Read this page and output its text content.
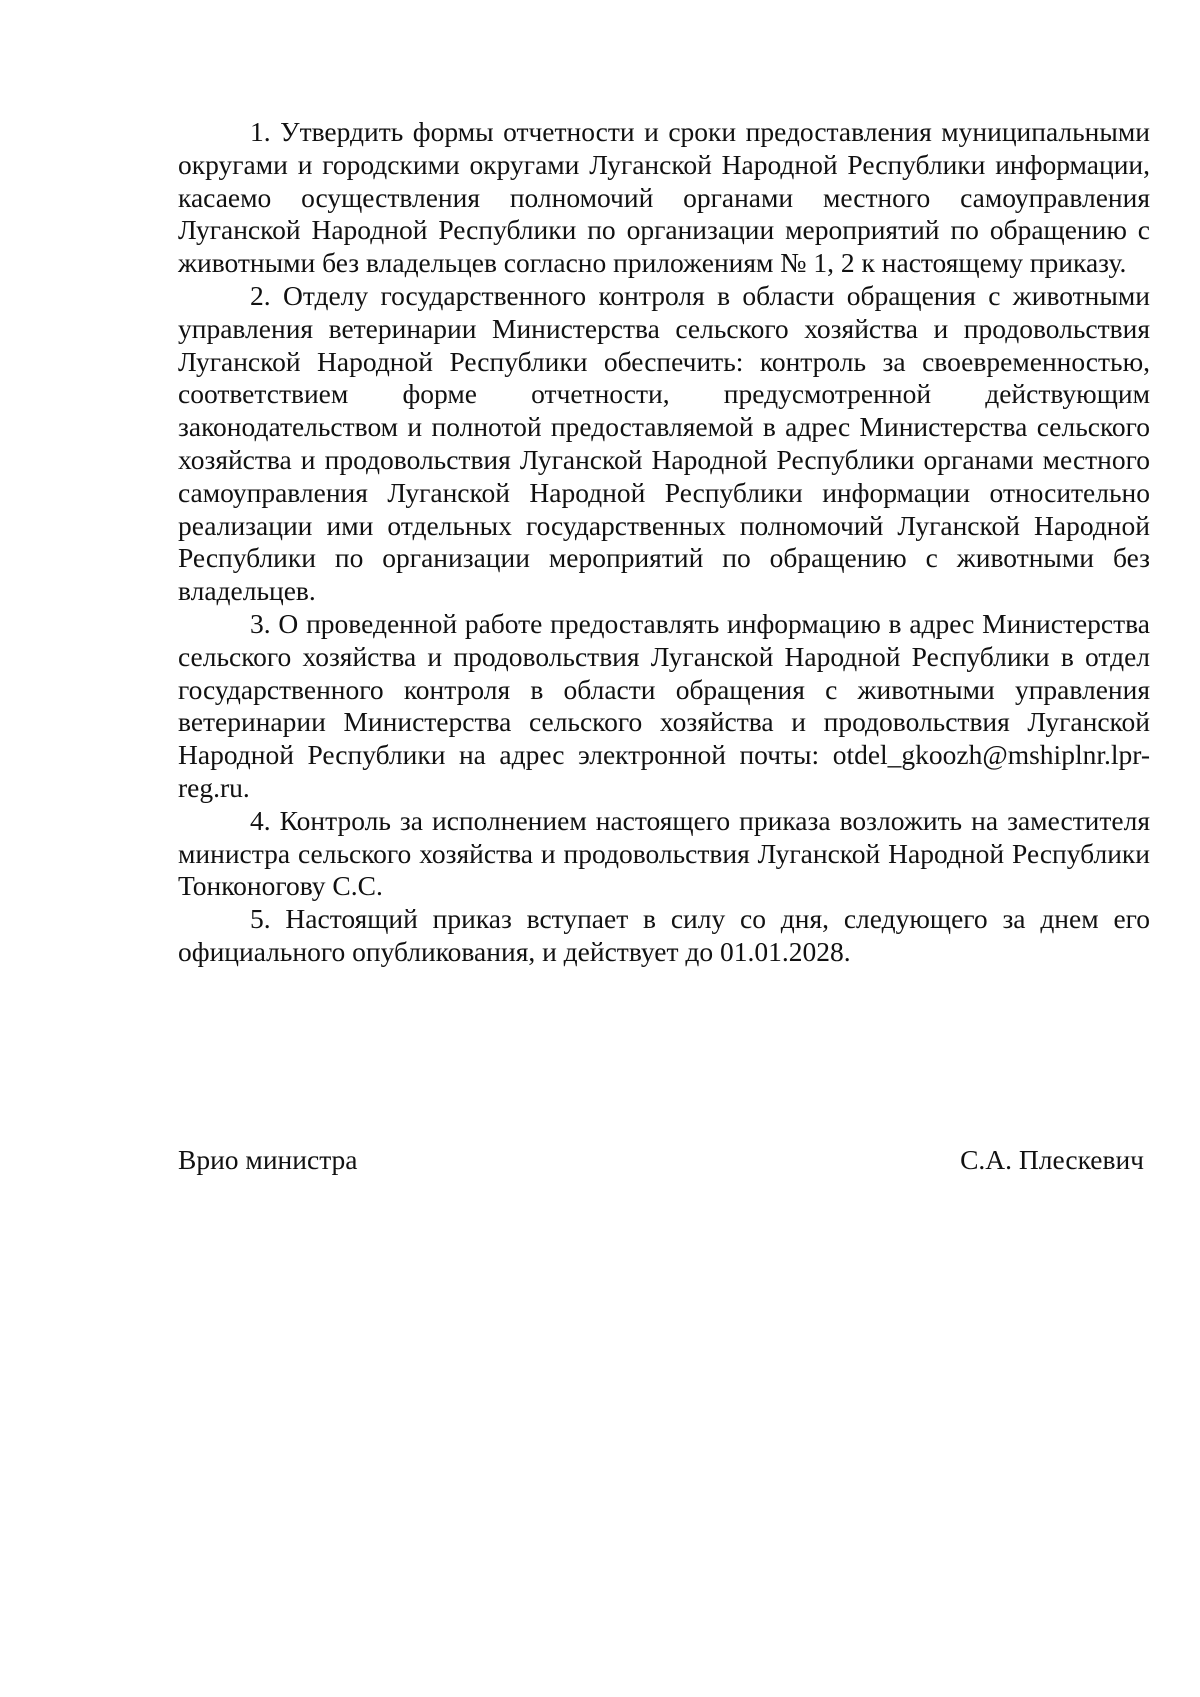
1. Утвердить формы отчетности и сроки предоставления муниципальными округами и городскими округами Луганской Народной Республики информации, касаемо осуществления полномочий органами местного самоуправления Луганской Народной Республики по организации мероприятий по обращению с животными без владельцев согласно приложениям № 1, 2 к настоящему приказу.

2. Отделу государственного контроля в области обращения с животными управления ветеринарии Министерства сельского хозяйства и продовольствия Луганской Народной Республики обеспечить: контроль за своевременностью, соответствием форме отчетности, предусмотренной действующим законодательством и полнотой предоставляемой в адрес Министерства сельского хозяйства и продовольствия Луганской Народной Республики органами местного самоуправления Луганской Народной Республики информации относительно реализации ими отдельных государственных полномочий Луганской Народной Республики по организации мероприятий по обращению с животными без владельцев.

3. О проведенной работе предоставлять информацию в адрес Министерства сельского хозяйства и продовольствия Луганской Народной Республики в отдел государственного контроля в области обращения с животными управления ветеринарии Министерства сельского хозяйства и продовольствия Луганской Народной Республики на адрес электронной почты: otdel_gkoozh@mshiplnr.lpr-reg.ru.

4. Контроль за исполнением настоящего приказа возложить на заместителя министра сельского хозяйства и продовольствия Луганской Народной Республики Тонконогову С.С.

5. Настоящий приказ вступает в силу со дня, следующего за днем его официального опубликования, и действует до 01.01.2028.

Врио министра	С.А. Плескевич
